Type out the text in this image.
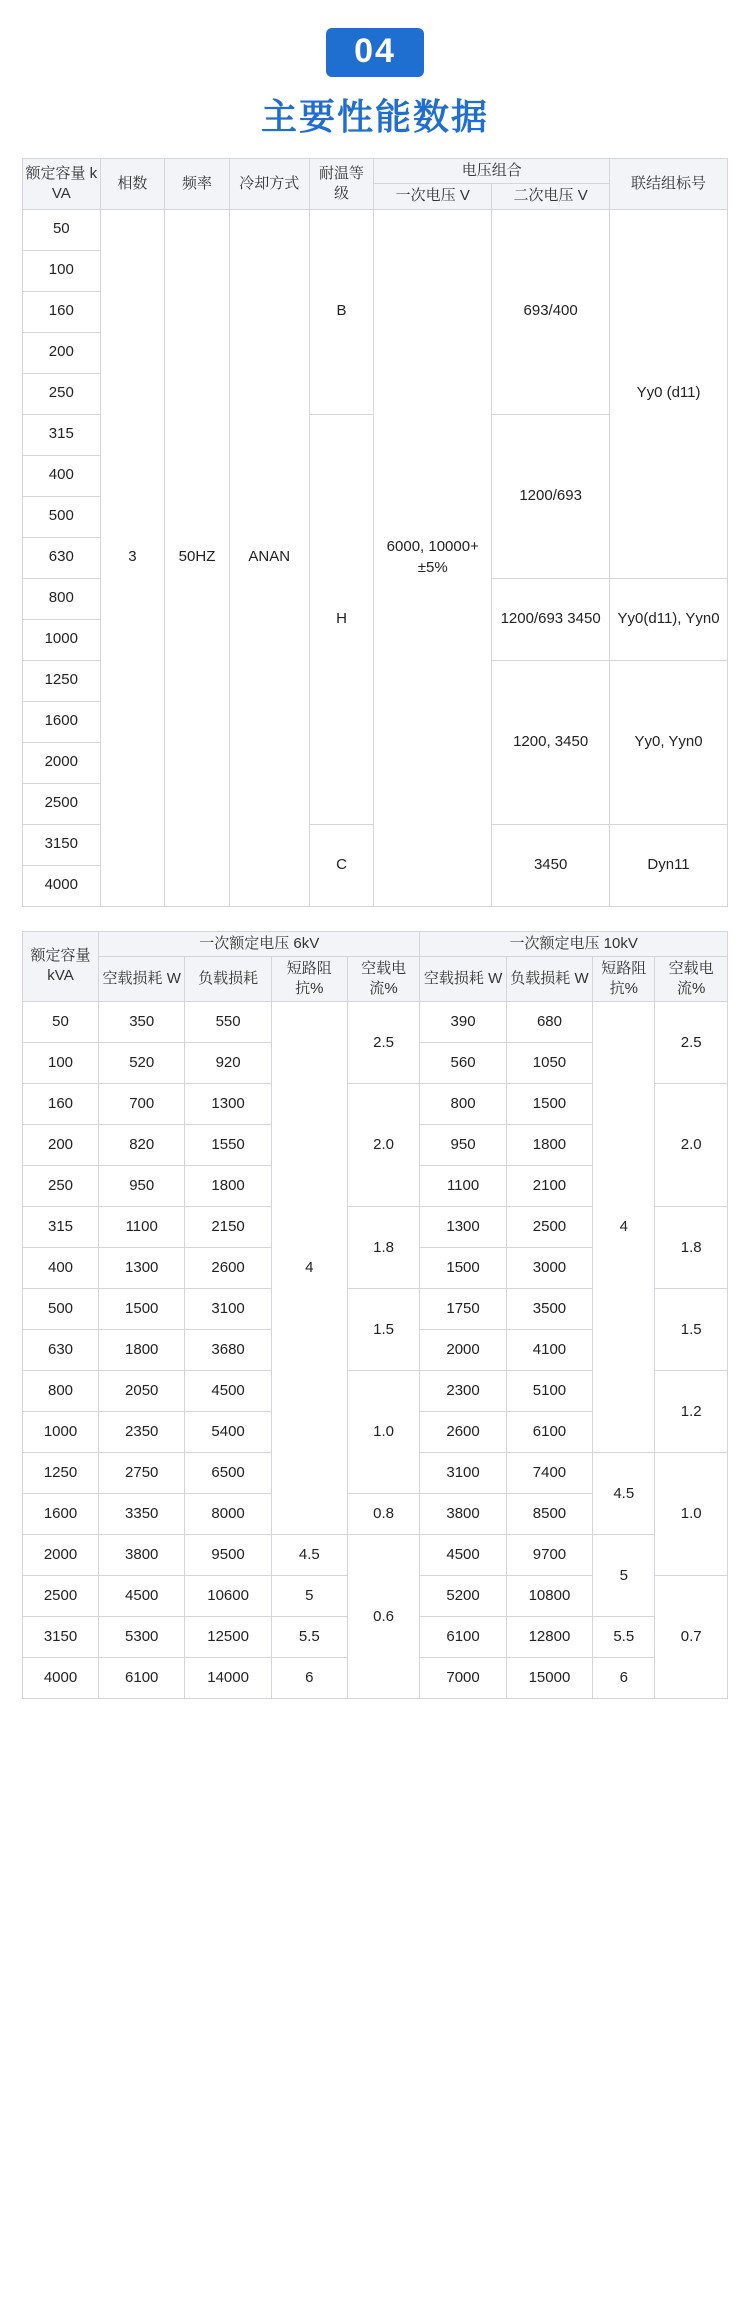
04
主要性能数据
额定容量 kVA	相数	频率	冷却方式	耐温等级	电压组合		联结组标号
					一次电压 V	二次电压 V	
50	3	50HZ	ANAN	B	6000, 10000+±5%	693/400	Yy0 (d11)
100							
160							
200							
250							
315				H		1200/693	
400							
500							
630							
800						1200/693 3450	Yy0(d11), Yyn0
1000							
1250						1200, 3450	Yy0, Yyn0
1600							
2000							
2500							
3150				C		3450	Dyn11
4000							
额定容量 kVA	一次额定电压 6kV				一次额定电压 10kV			
	空载损耗 W	负载损耗	短路阻抗%	空载电流%	空载损耗 W	负载损耗 W	短路阻抗%	空载电流%
50	350	550	4	2.5	390	680	4	2.5
100	520	920			560	1050		
160	700	1300		2.0	800	1500		2.0
200	820	1550			950	1800		
250	950	1800			1100	2100		
315	1100	2150		1.8	1300	2500		1.8
400	1300	2600			1500	3000		
500	1500	3100		1.5	1750	3500		1.5
630	1800	3680			2000	4100		
800	2050	4500		1.0	2300	5100		1.2
1000	2350	5400			2600	6100		
1250	2750	6500			3100	7400	4.5	1.0
1600	3350	8000		0.8	3800	8500		
2000	3800	9500	4.5	0.6	4500	9700	5	
2500	4500	10600	5		5200	10800		0.7
3150	5300	12500	5.5		6100	12800	5.5	
4000	6100	14000	6		7000	15000	6	
